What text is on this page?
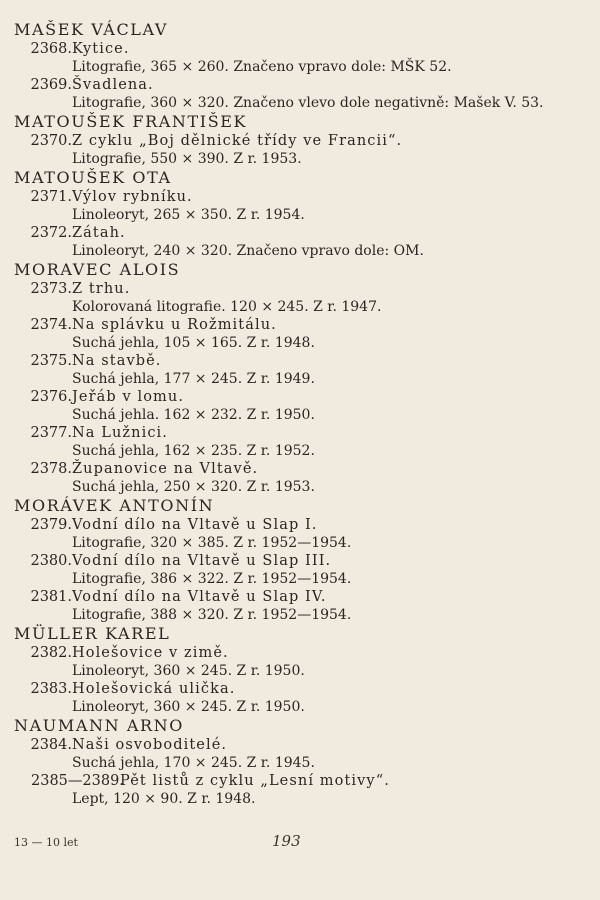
MAŠEK VÁCLAV
2368. Kytice.
Litografie, 365 × 260. Značeno vpravo dole: MŠK 52.
2369. Švadlena.
Litografie, 360 × 320. Značeno vlevo dole negativně: Mašek V. 53.
MATOUŠEK FRANTIŠEK
2370. Z cyklu „Boj dělnické třídy ve Francii“.
Litografie, 550 × 390. Z r. 1953.
MATOUŠEK OTA
2371. Výlov rybníku.
Linoleoryt, 265 × 350. Z r. 1954.
2372. Zátah.
Linoleoryt, 240 × 320. Značeno vpravo dole: OM.
MORAVEC ALOIS
2373. Z trhu.
Kolorovaná litografie. 120 × 245. Z r. 1947.
2374. Na splávku u Rožmitálu.
Suchá jehla, 105 × 165. Z r. 1948.
2375. Na stavbě.
Suchá jehla, 177 × 245. Z r. 1949.
2376. Jeřáb v lomu.
Suchá jehla. 162 × 232. Z r. 1950.
2377. Na Lužnici.
Suchá jehla, 162 × 235. Z r. 1952.
2378. Županovice na Vltavě.
Suchá jehla, 250 × 320. Z r. 1953.
MORÁVEK ANTONÍN
2379. Vodní dílo na Vltavě u Slap I.
Litografie, 320 × 385. Z r. 1952—1954.
2380. Vodní dílo na Vltavě u Slap III.
Litografie, 386 × 322. Z r. 1952—1954.
2381. Vodní dílo na Vltavě u Slap IV.
Litografie, 388 × 320. Z r. 1952—1954.
MÜLLER KAREL
2382. Holešovice v zimě.
Linoleoryt, 360 × 245. Z r. 1950.
2383. Holešovická ulička.
Linoleoryt, 360 × 245. Z r. 1950.
NAUMANN ARNO
2384. Naši osvoboditelé.
Suchá jehla, 170 × 245. Z r. 1945.
2385—2389.
Pět listů z cyklu „Lesní motivy“.
Lept, 120 × 90. Z r. 1948.
13 — 10 let	193
